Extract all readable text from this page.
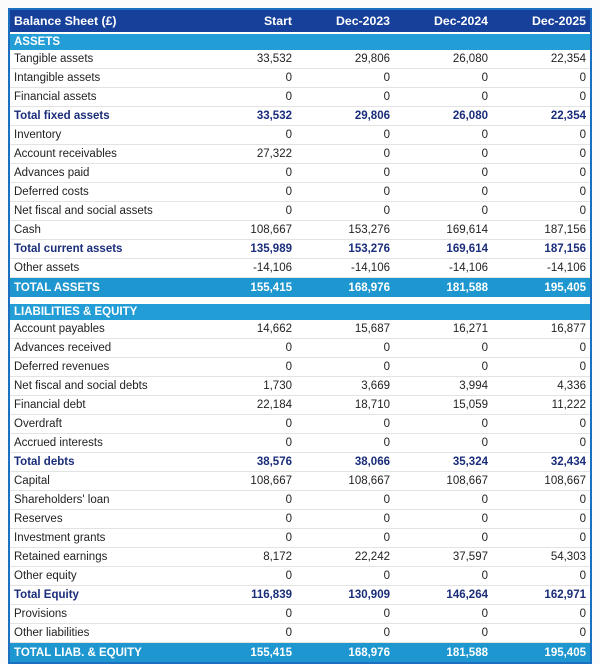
Balance Sheet (£)	Start	Dec-2023	Dec-2024	Dec-2025
ASSETS
Tangible assets	33,532	29,806	26,080	22,354
Intangible assets	0	0	0	0
Financial assets	0	0	0	0
Total fixed assets	33,532	29,806	26,080	22,354
Inventory	0	0	0	0
Account receivables	27,322	0	0	0
Advances paid	0	0	0	0
Deferred costs	0	0	0	0
Net fiscal and social assets	0	0	0	0
Cash	108,667	153,276	169,614	187,156
Total current assets	135,989	153,276	169,614	187,156
Other assets	-14,106	-14,106	-14,106	-14,106
TOTAL ASSETS	155,415	168,976	181,588	195,405
LIABILITIES & EQUITY
Account payables	14,662	15,687	16,271	16,877
Advances received	0	0	0	0
Deferred revenues	0	0	0	0
Net fiscal and social debts	1,730	3,669	3,994	4,336
Financial debt	22,184	18,710	15,059	11,222
Overdraft	0	0	0	0
Accrued interests	0	0	0	0
Total debts	38,576	38,066	35,324	32,434
Capital	108,667	108,667	108,667	108,667
Shareholders' loan	0	0	0	0
Reserves	0	0	0	0
Investment grants	0	0	0	0
Retained earnings	8,172	22,242	37,597	54,303
Other equity	0	0	0	0
Total Equity	116,839	130,909	146,264	162,971
Provisions	0	0	0	0
Other liabilities	0	0	0	0
TOTAL LIAB. & EQUITY	155,415	168,976	181,588	195,405
